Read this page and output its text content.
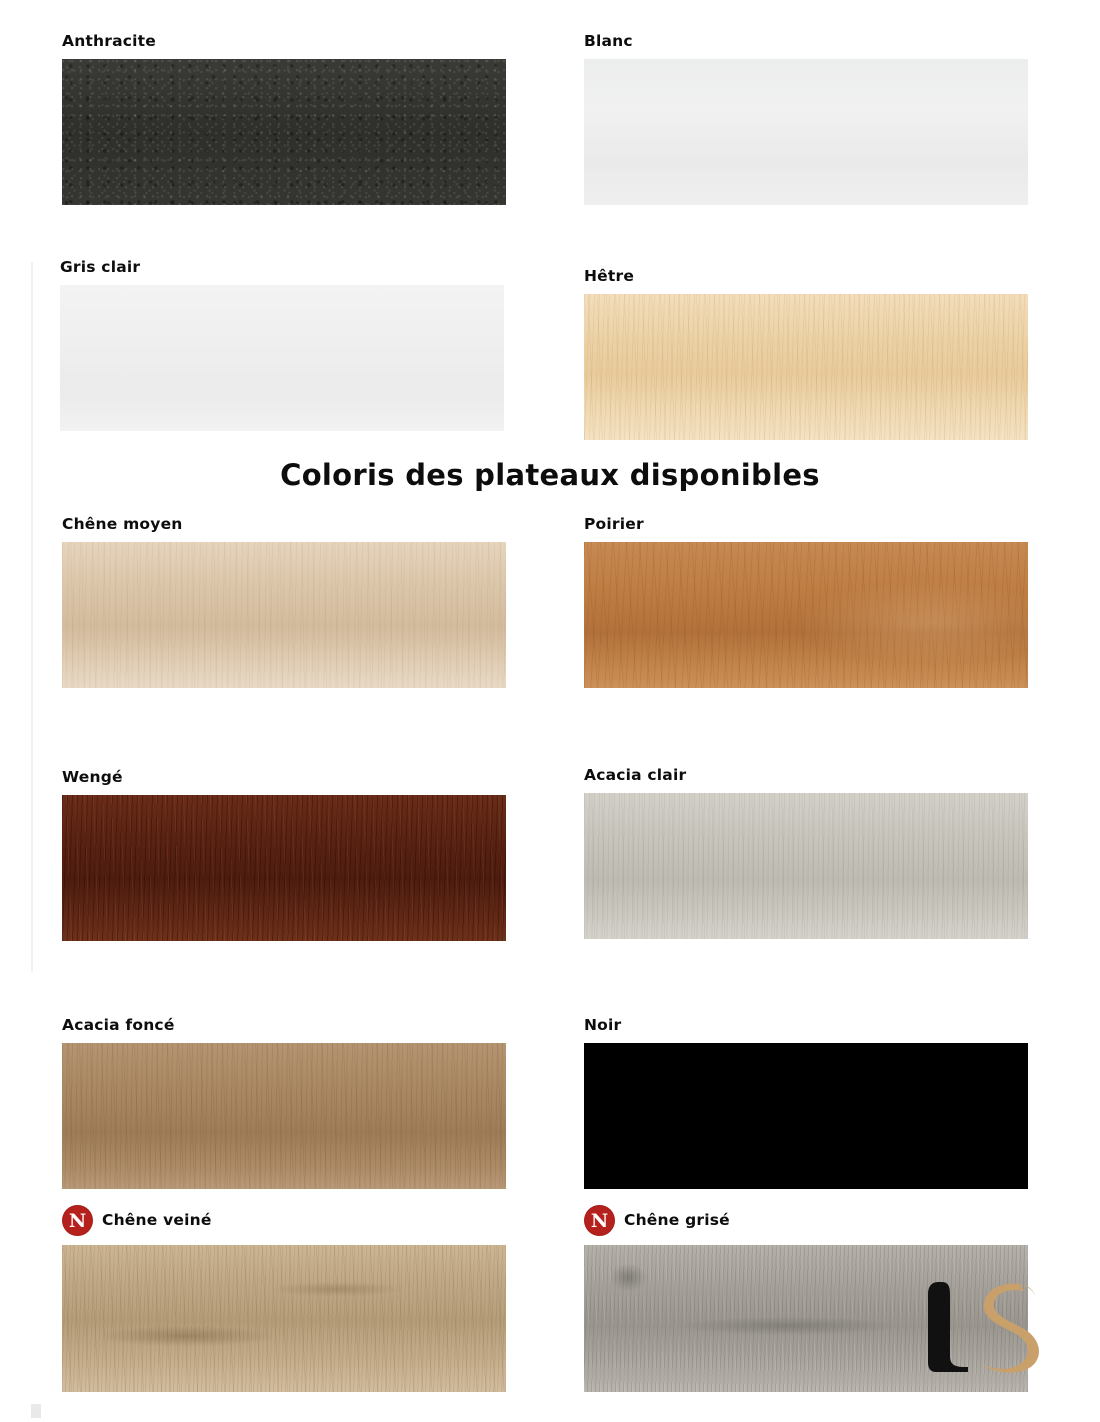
Anthracite	Blanc
Gris clair	Hêtre
Coloris des plateaux disponibles
Chêne moyen	Poirier
Wengé	Acacia clair
Acacia foncé	Noir
N	Chêne veiné	N	Chêne grisé
